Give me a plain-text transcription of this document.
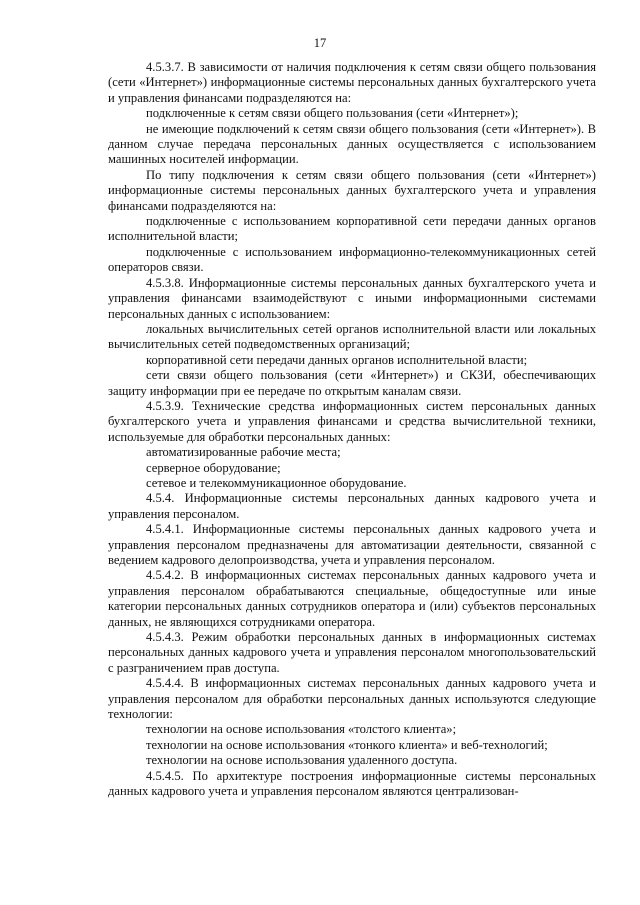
17

4.5.3.7. В зависимости от наличия подключения к сетям связи общего пользования (сети «Интернет») информационные системы персональных данных бухгалтерского учета и управления финансами подразделяются на:

подключенные к сетям связи общего пользования (сети «Интернет»);

не имеющие подключений к сетям связи общего пользования (сети «Интернет»). В данном случае передача персональных данных осуществляется с использованием машинных носителей информации.

По типу подключения к сетям связи общего пользования (сети «Интернет») информационные системы персональных данных бухгалтерского учета и управления финансами подразделяются на:

подключенные с использованием корпоративной сети передачи данных органов исполнительной власти;

подключенные с использованием информационно-телекоммуникационных сетей операторов связи.

4.5.3.8. Информационные системы персональных данных бухгалтерского учета и управления финансами взаимодействуют с иными информационными системами персональных данных с использованием:

локальных вычислительных сетей органов исполнительной власти или локальных вычислительных сетей подведомственных организаций;

корпоративной сети передачи данных органов исполнительной власти;

сети связи общего пользования (сети «Интернет») и СКЗИ, обеспечивающих защиту информации при ее передаче по открытым каналам связи.

4.5.3.9. Технические средства информационных систем персональных данных бухгалтерского учета и управления финансами и средства вычислительной техники, используемые для обработки персональных данных:

автоматизированные рабочие места;

серверное оборудование;

сетевое и телекоммуникационное оборудование.

4.5.4. Информационные системы персональных данных кадрового учета и управления персоналом.

4.5.4.1. Информационные системы персональных данных кадрового учета и управления персоналом предназначены для автоматизации деятельности, связанной с ведением кадрового делопроизводства, учета и управления персоналом.

4.5.4.2. В информационных системах персональных данных кадрового учета и управления персоналом обрабатываются специальные, общедоступные или иные категории персональных данных сотрудников оператора и (или) субъектов персональных данных, не являющихся сотрудниками оператора.

4.5.4.3. Режим обработки персональных данных в информационных системах персональных данных кадрового учета и управления персоналом многопользовательский с разграничением прав доступа.

4.5.4.4. В информационных системах персональных данных кадрового учета и управления персоналом для обработки персональных данных используются следующие технологии:

технологии на основе использования «толстого клиента»;

технологии на основе использования «тонкого клиента» и веб-технологий;

технологии на основе использования удаленного доступа.

4.5.4.5. По архитектуре построения информационные системы персональных данных кадрового учета и управления персоналом являются централизован-
